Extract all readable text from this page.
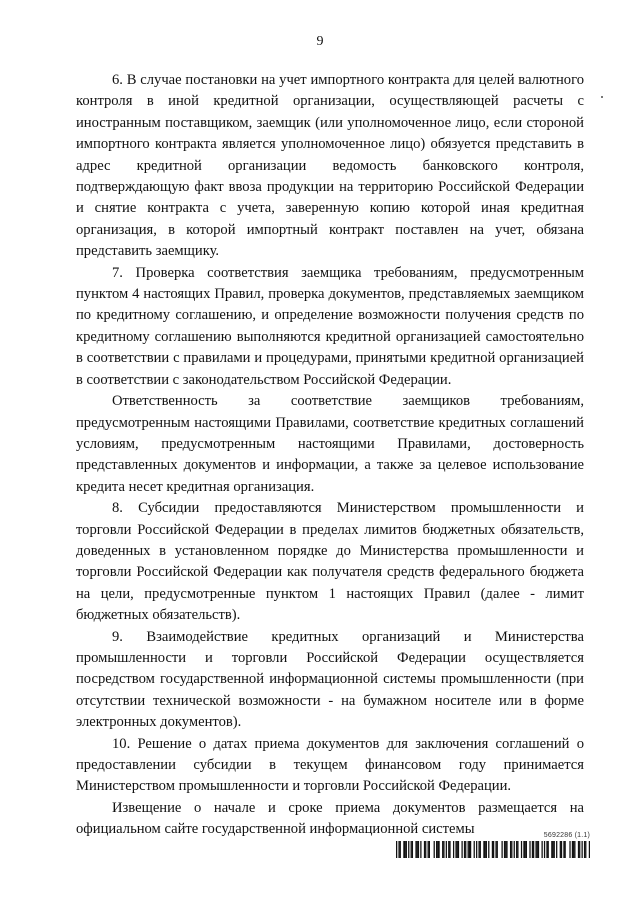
9

6. В случае постановки на учет импортного контракта для целей валютного контроля в иной кредитной организации, осуществляющей расчеты с иностранным поставщиком, заемщик (или уполномоченное лицо, если стороной импортного контракта является уполномоченное лицо) обязуется представить в адрес кредитной организации ведомость банковского контроля, подтверждающую факт ввоза продукции на территорию Российской Федерации и снятие контракта с учета, заверенную копию которой иная кредитная организация, в которой импортный контракт поставлен на учет, обязана представить заемщику.

7. Проверка соответствия заемщика требованиям, предусмотренным пунктом 4 настоящих Правил, проверка документов, представляемых заемщиком по кредитному соглашению, и определение возможности получения средств по кредитному соглашению выполняются кредитной организацией самостоятельно в соответствии с правилами и процедурами, принятыми кредитной организацией в соответствии с законодательством Российской Федерации.

Ответственность за соответствие заемщиков требованиям, предусмотренным настоящими Правилами, соответствие кредитных соглашений условиям, предусмотренным настоящими Правилами, достоверность представленных документов и информации, а также за целевое использование кредита несет кредитная организация.

8. Субсидии предоставляются Министерством промышленности и торговли Российской Федерации в пределах лимитов бюджетных обязательств, доведенных в установленном порядке до Министерства промышленности и торговли Российской Федерации как получателя средств федерального бюджета на цели, предусмотренные пунктом 1 настоящих Правил (далее - лимит бюджетных обязательств).

9. Взаимодействие кредитных организаций и Министерства промышленности и торговли Российской Федерации осуществляется посредством государственной информационной системы промышленности (при отсутствии технической возможности - на бумажном носителе или в форме электронных документов).

10. Решение о датах приема документов для заключения соглашений о предоставлении субсидии в текущем финансовом году принимается Министерством промышленности и торговли Российской Федерации.

Извещение о начале и сроке приема документов размещается на официальном сайте государственной информационной системы	5692286 (1.1)
